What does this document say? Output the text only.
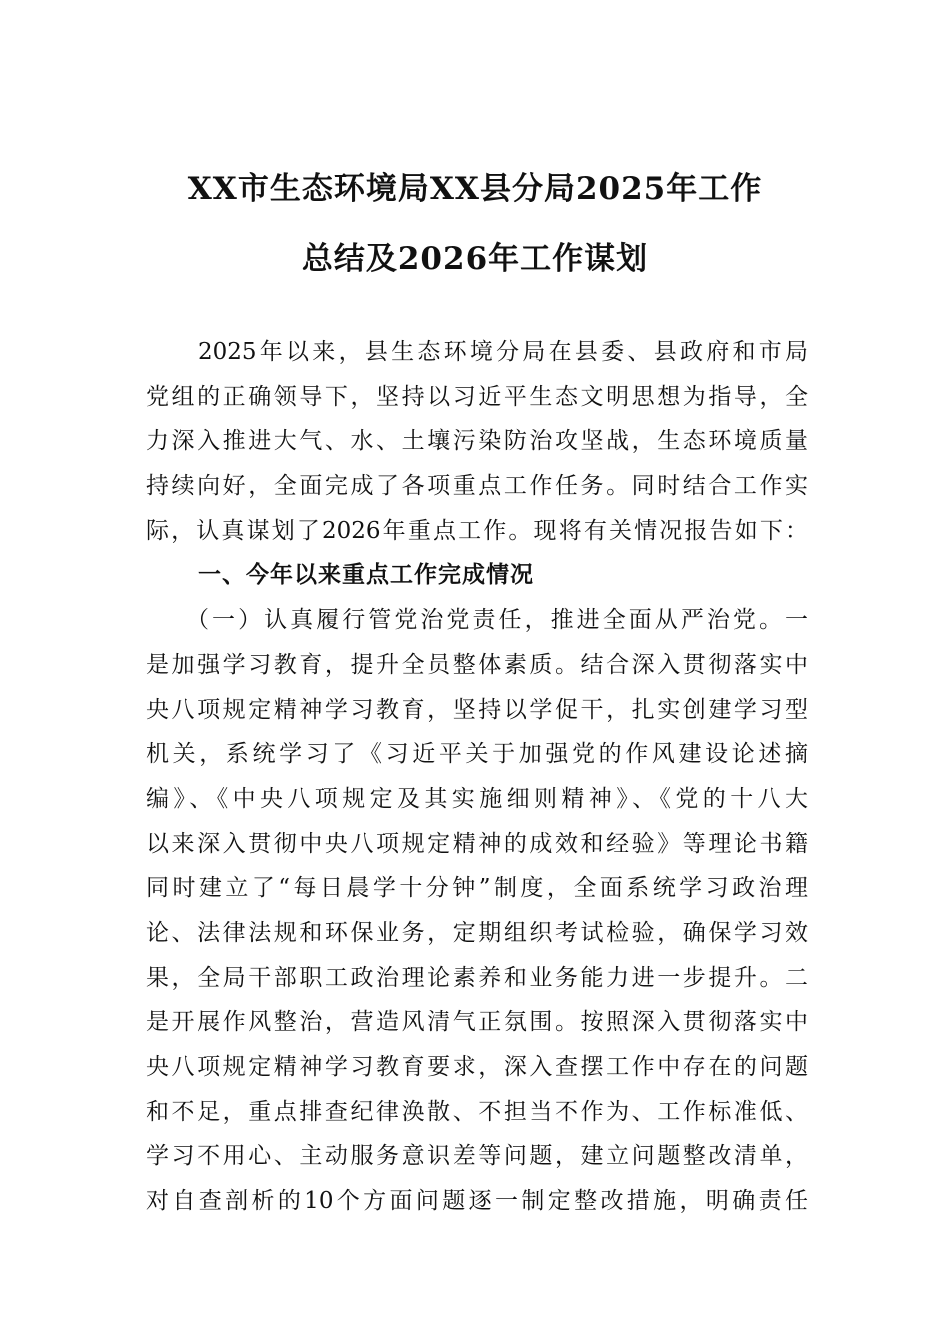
XX市生态环境局XX县分局2025年工作
总结及2026年工作谋划
2025年以来，县生态环境分局在县委、县政府和市局
党组的正确领导下，坚持以习近平生态文明思想为指导，全
力深入推进大气、水、土壤污染防治攻坚战，生态环境质量
持续向好，全面完成了各项重点工作任务。同时结合工作实
际，认真谋划了2026年重点工作。现将有关情况报告如下：
一、今年以来重点工作完成情况
（一）认真履行管党治党责任，推进全面从严治党。一
是加强学习教育，提升全员整体素质。结合深入贯彻落实中
央八项规定精神学习教育，坚持以学促干，扎实创建学习型
机关，系统学习了《习近平关于加强党的作风建设论述摘
编》、《中央八项规定及其实施细则精神》、《党的十八大
以来深入贯彻中央八项规定精神的成效和经验》等理论书籍
同时建立了“每日晨学十分钟”制度，全面系统学习政治理
论、法律法规和环保业务，定期组织考试检验，确保学习效
果，全局干部职工政治理论素养和业务能力进一步提升。二
是开展作风整治，营造风清气正氛围。按照深入贯彻落实中
央八项规定精神学习教育要求，深入查摆工作中存在的问题
和不足，重点排查纪律涣散、不担当不作为、工作标准低、
学习不用心、主动服务意识差等问题，建立问题整改清单，
对自查剖析的10个方面问题逐一制定整改措施，明确责任
